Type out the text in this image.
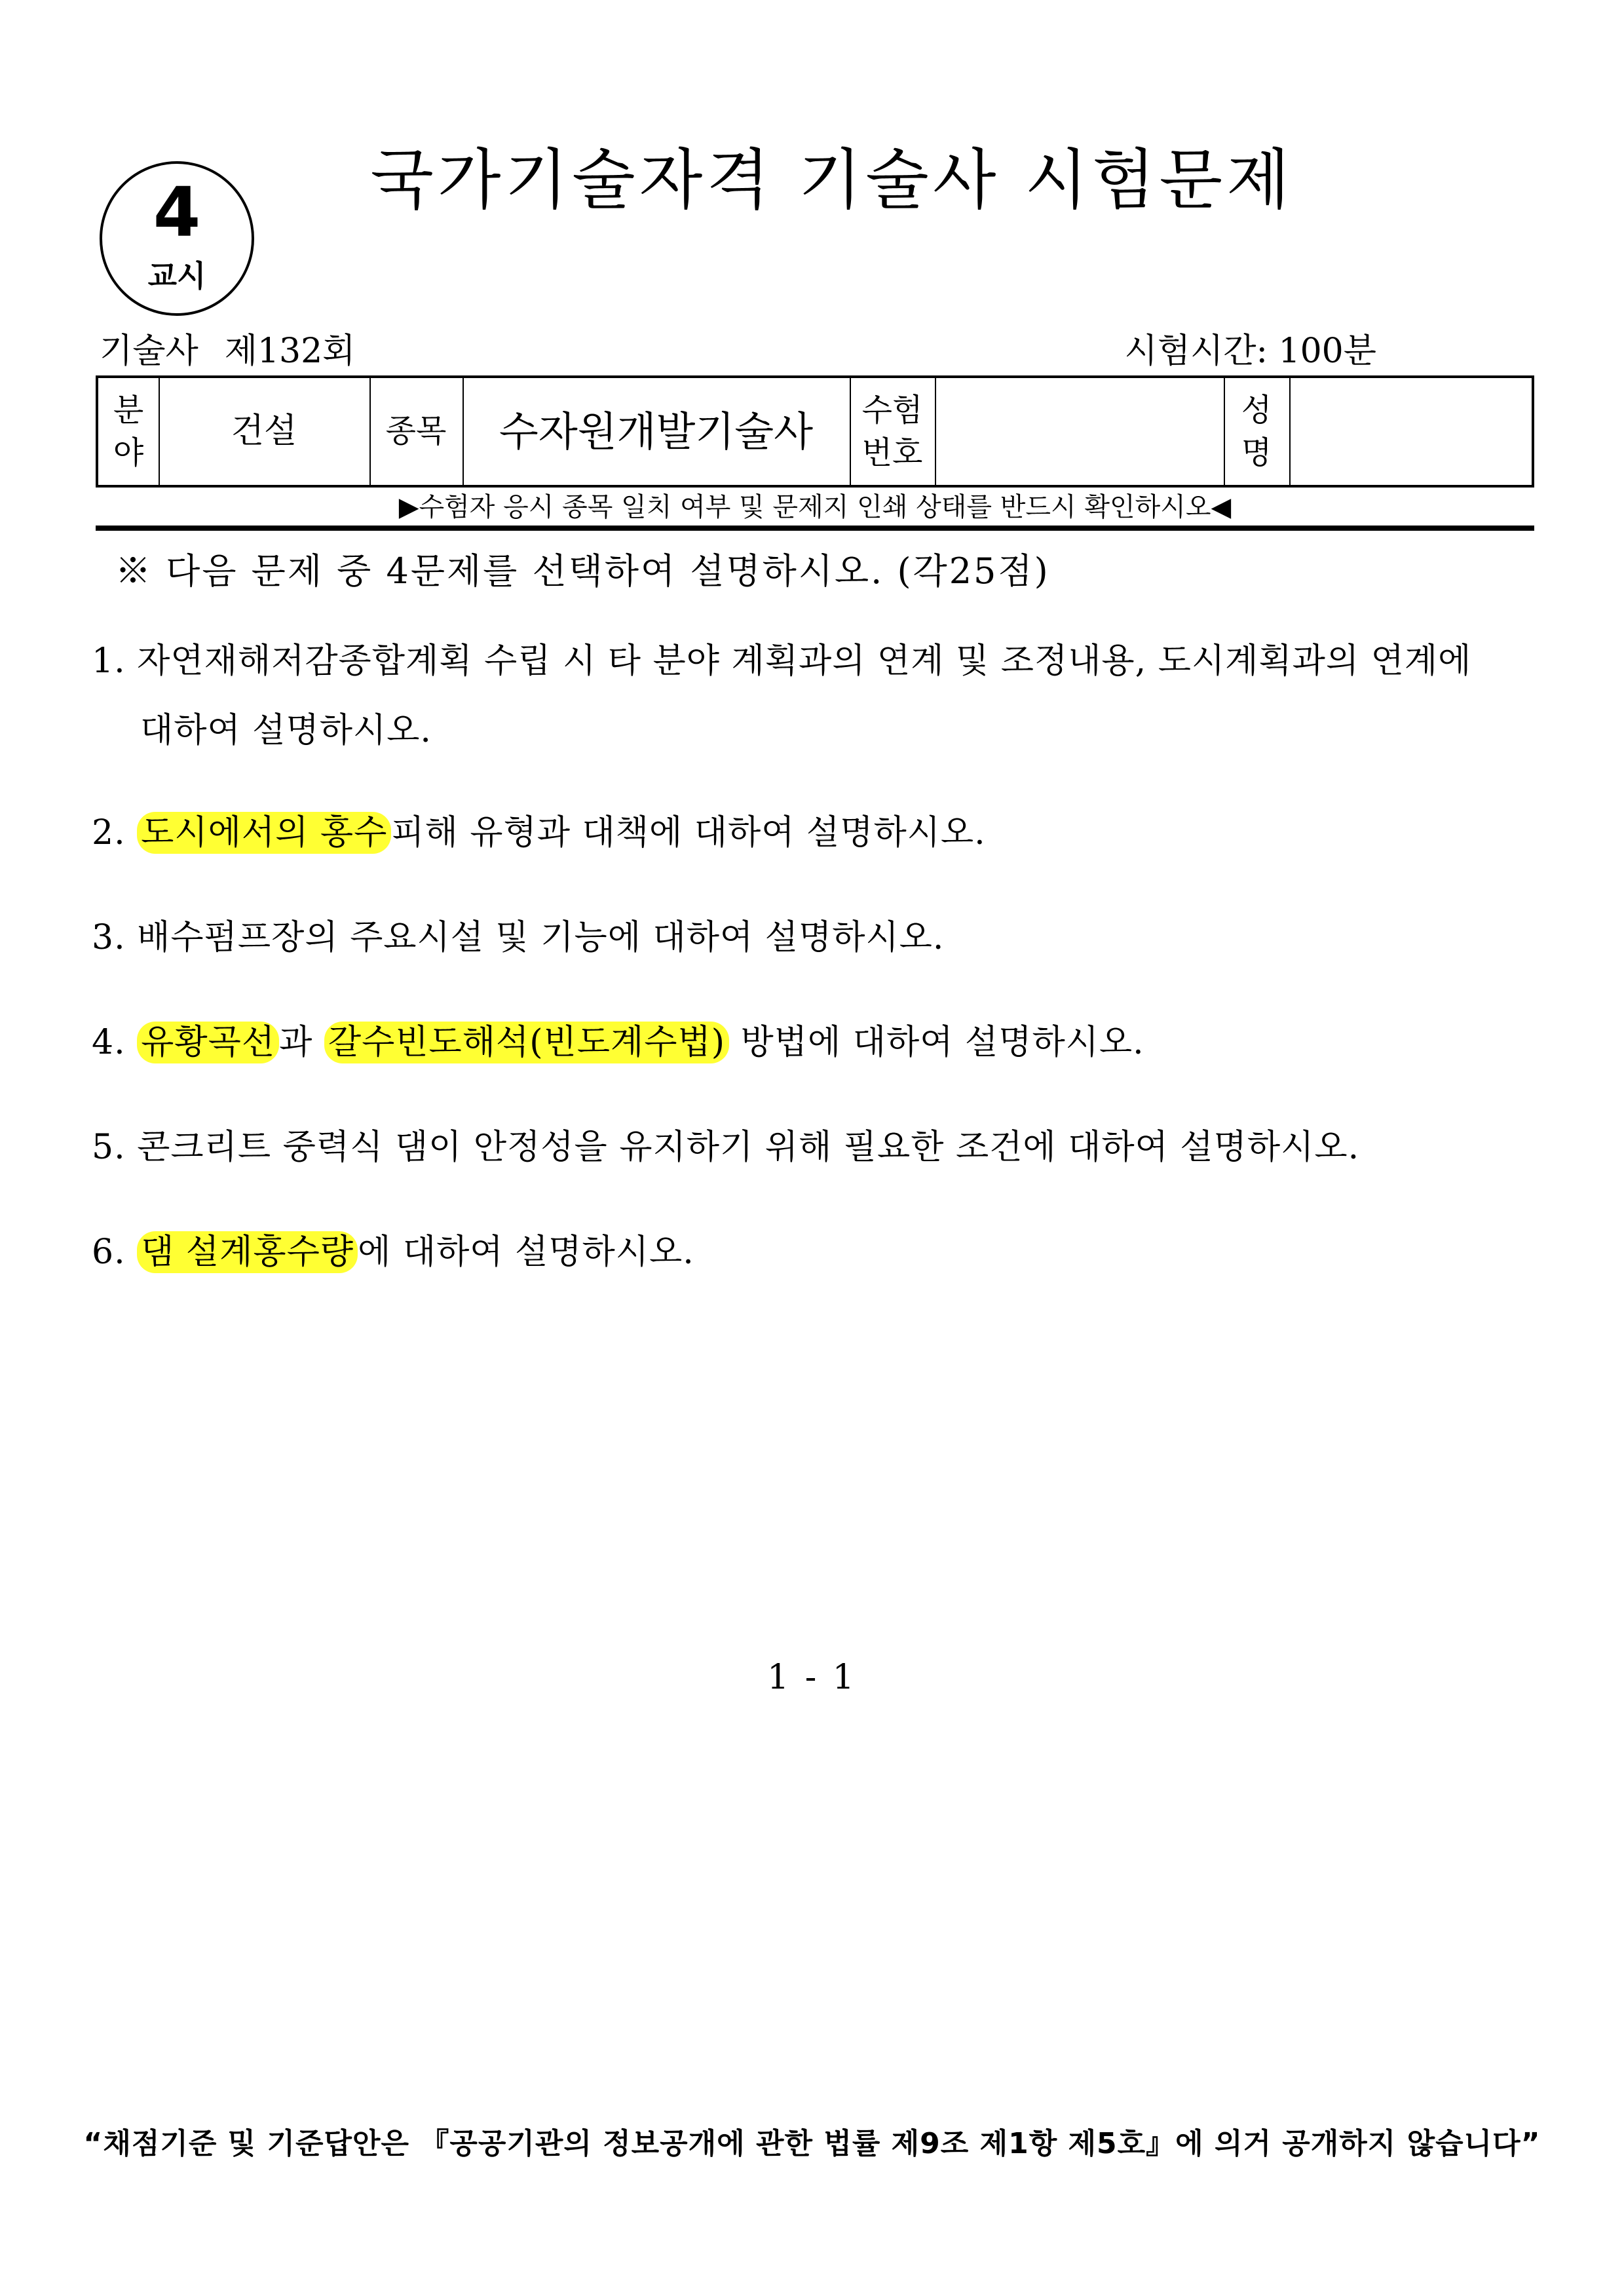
4
교시
국가기술자격 기술사 시험문제
기술사 제132회	시험시간: 100분
분
야
건설	종목 수자원개발기술사 수험
번호
성
명
▶수험자 응시 종목 일치 여부 및 문제지 인쇄 상태를 반드시 확인하시오◀
※ 다음 문제 중 4문제를 선택하여 설명하시오. (각25점)
1. 자연재해저감종합계획 수립 시 타 분야 계획과의 연계 및 조정내용, 도시계획과의 연계에
대하여 설명하시오.
2. 도시에서의 홍수 피해 유형과 대책에 대하여 설명하시오.
3. 배수펌프장의 주요시설 및 기능에 대하여 설명하시오.
4. 유황곡선 과 갈수빈도해석(빈도계수법) 방법에 대하여 설명하시오.
5. 콘크리트 중력식 댐이 안정성을 유지하기 위해 필요한 조건에 대하여 설명하시오.
6. 댐 설계홍수량 에 대하여 설명하시오.
1 - 1
“채점기준 및 기준답안은 『공공기관의 정보공개에 관한 법률 제9조 제1항 제5호』에 의거 공개하지 않습니다”
